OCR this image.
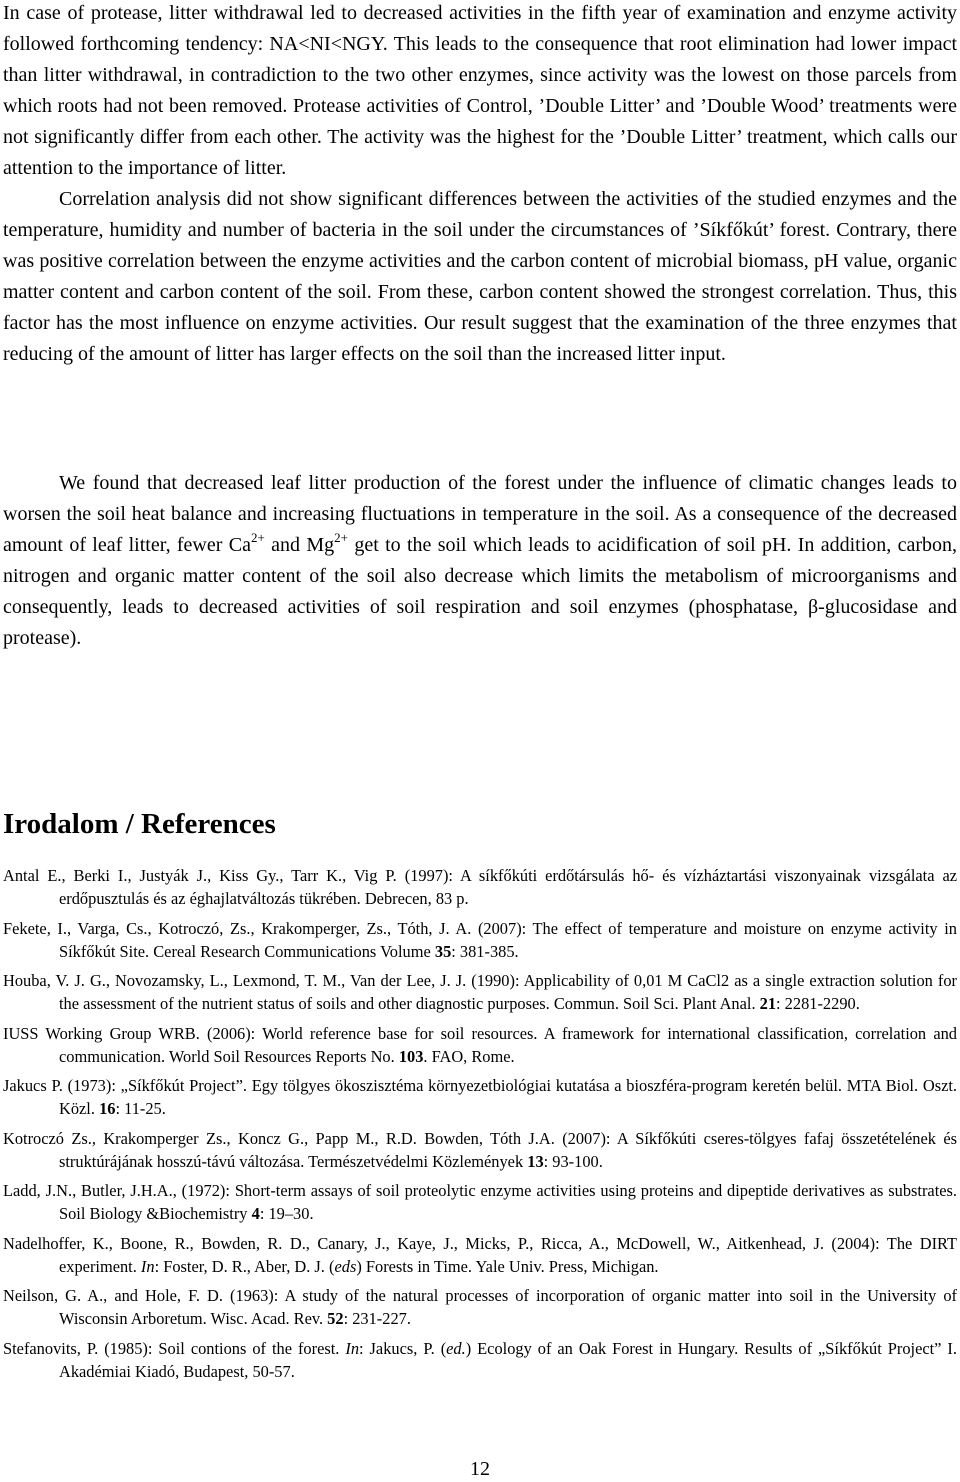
In case of protease, litter withdrawal led to decreased activities in the fifth year of examination and enzyme activity followed forthcoming tendency: NA<NI<NGY. This leads to the consequence that root elimination had lower impact than litter withdrawal, in contradiction to the two other enzymes, since activity was the lowest on those parcels from which roots had not been removed. Protease activities of Control, ’Double Litter’ and ’Double Wood’ treatments were not significantly differ from each other. The activity was the highest for the ’Double Litter’ treatment, which calls our attention to the importance of litter.

Correlation analysis did not show significant differences between the activities of the studied enzymes and the temperature, humidity and number of bacteria in the soil under the circumstances of ’Síkfőkút’ forest. Contrary, there was positive correlation between the enzyme activities and the carbon content of microbial biomass, pH value, organic matter content and carbon content of the soil. From these, carbon content showed the strongest correlation. Thus, this factor has the most influence on enzyme activities. Our result suggest that the examination of the three enzymes that reducing of the amount of litter has larger effects on the soil than the increased litter input.

We found that decreased leaf litter production of the forest under the influence of climatic changes leads to worsen the soil heat balance and increasing fluctuations in temperature in the soil. As a consequence of the decreased amount of leaf litter, fewer $Ca^{2+}$ and $Mg^{2+}$ get to the soil which leads to acidification of soil pH. In addition, carbon, nitrogen and organic matter content of the soil also decrease which limits the metabolism of microorganisms and consequently, leads to decreased activities of soil respiration and soil enzymes (phosphatase, β-glucosidase and protease).

Irodalom / References
Antal E., Berki I., Justyák J., Kiss Gy., Tarr K., Vig P. (1997): A síkfőkúti erdőtársulás hő- és vízháztartási viszonyainak vizsgálata az erdőpusztulás és az éghajlatváltozás tükrében. Debrecen, 83 p.
Fekete, I., Varga, Cs., Kotroczó, Zs., Krakomperger, Zs., Tóth, J. A. (2007): The effect of temperature and moisture on enzyme activity in Síkfőkút Site. Cereal Research Communications Volume 35: 381-385.
Houba, V. J. G., Novozamsky, L., Lexmond, T. M., Van der Lee, J. J. (1990): Applicability of 0,01 M CaCl2 as a single extraction solution for the assessment of the nutrient status of soils and other diagnostic purposes. Commun. Soil Sci. Plant Anal. 21: 2281-2290.
IUSS Working Group WRB. (2006): World reference base for soil resources. A framework for international classification, correlation and communication. World Soil Resources Reports No. 103. FAO, Rome.
Jakucs P. (1973): „Síkfőkút Project”. Egy tölgyes ökoszisztéma környezetbiológiai kutatása a bioszféra-program keretén belül. MTA Biol. Oszt. Közl. 16: 11-25.
Kotroczó Zs., Krakomperger Zs., Koncz G., Papp M., R.D. Bowden, Tóth J.A. (2007): A Síkfőkúti cseres-tölgyes fafaj összetételének és struktúrájának hosszú-távú változása. Természetvédelmi Közlemények 13: 93-100.
Ladd, J.N., Butler, J.H.A., (1972): Short-term assays of soil proteolytic enzyme activities using proteins and dipeptide derivatives as substrates. Soil Biology &Biochemistry 4: 19–30.
Nadelhoffer, K., Boone, R., Bowden, R. D., Canary, J., Kaye, J., Micks, P., Ricca, A., McDowell, W., Aitkenhead, J. (2004): The DIRT experiment. In: Foster, D. R., Aber, D. J. (eds) Forests in Time. Yale Univ. Press, Michigan.
Neilson, G. A., and Hole, F. D. (1963): A study of the natural processes of incorporation of organic matter into soil in the University of Wisconsin Arboretum. Wisc. Acad. Rev. 52: 231-227.
Stefanovits, P. (1985): Soil contions of the forest. In: Jakucs, P. (ed.) Ecology of an Oak Forest in Hungary. Results of „Síkfőkút Project” I. Akadémiai Kiadó, Budapest, 50-57.
12
